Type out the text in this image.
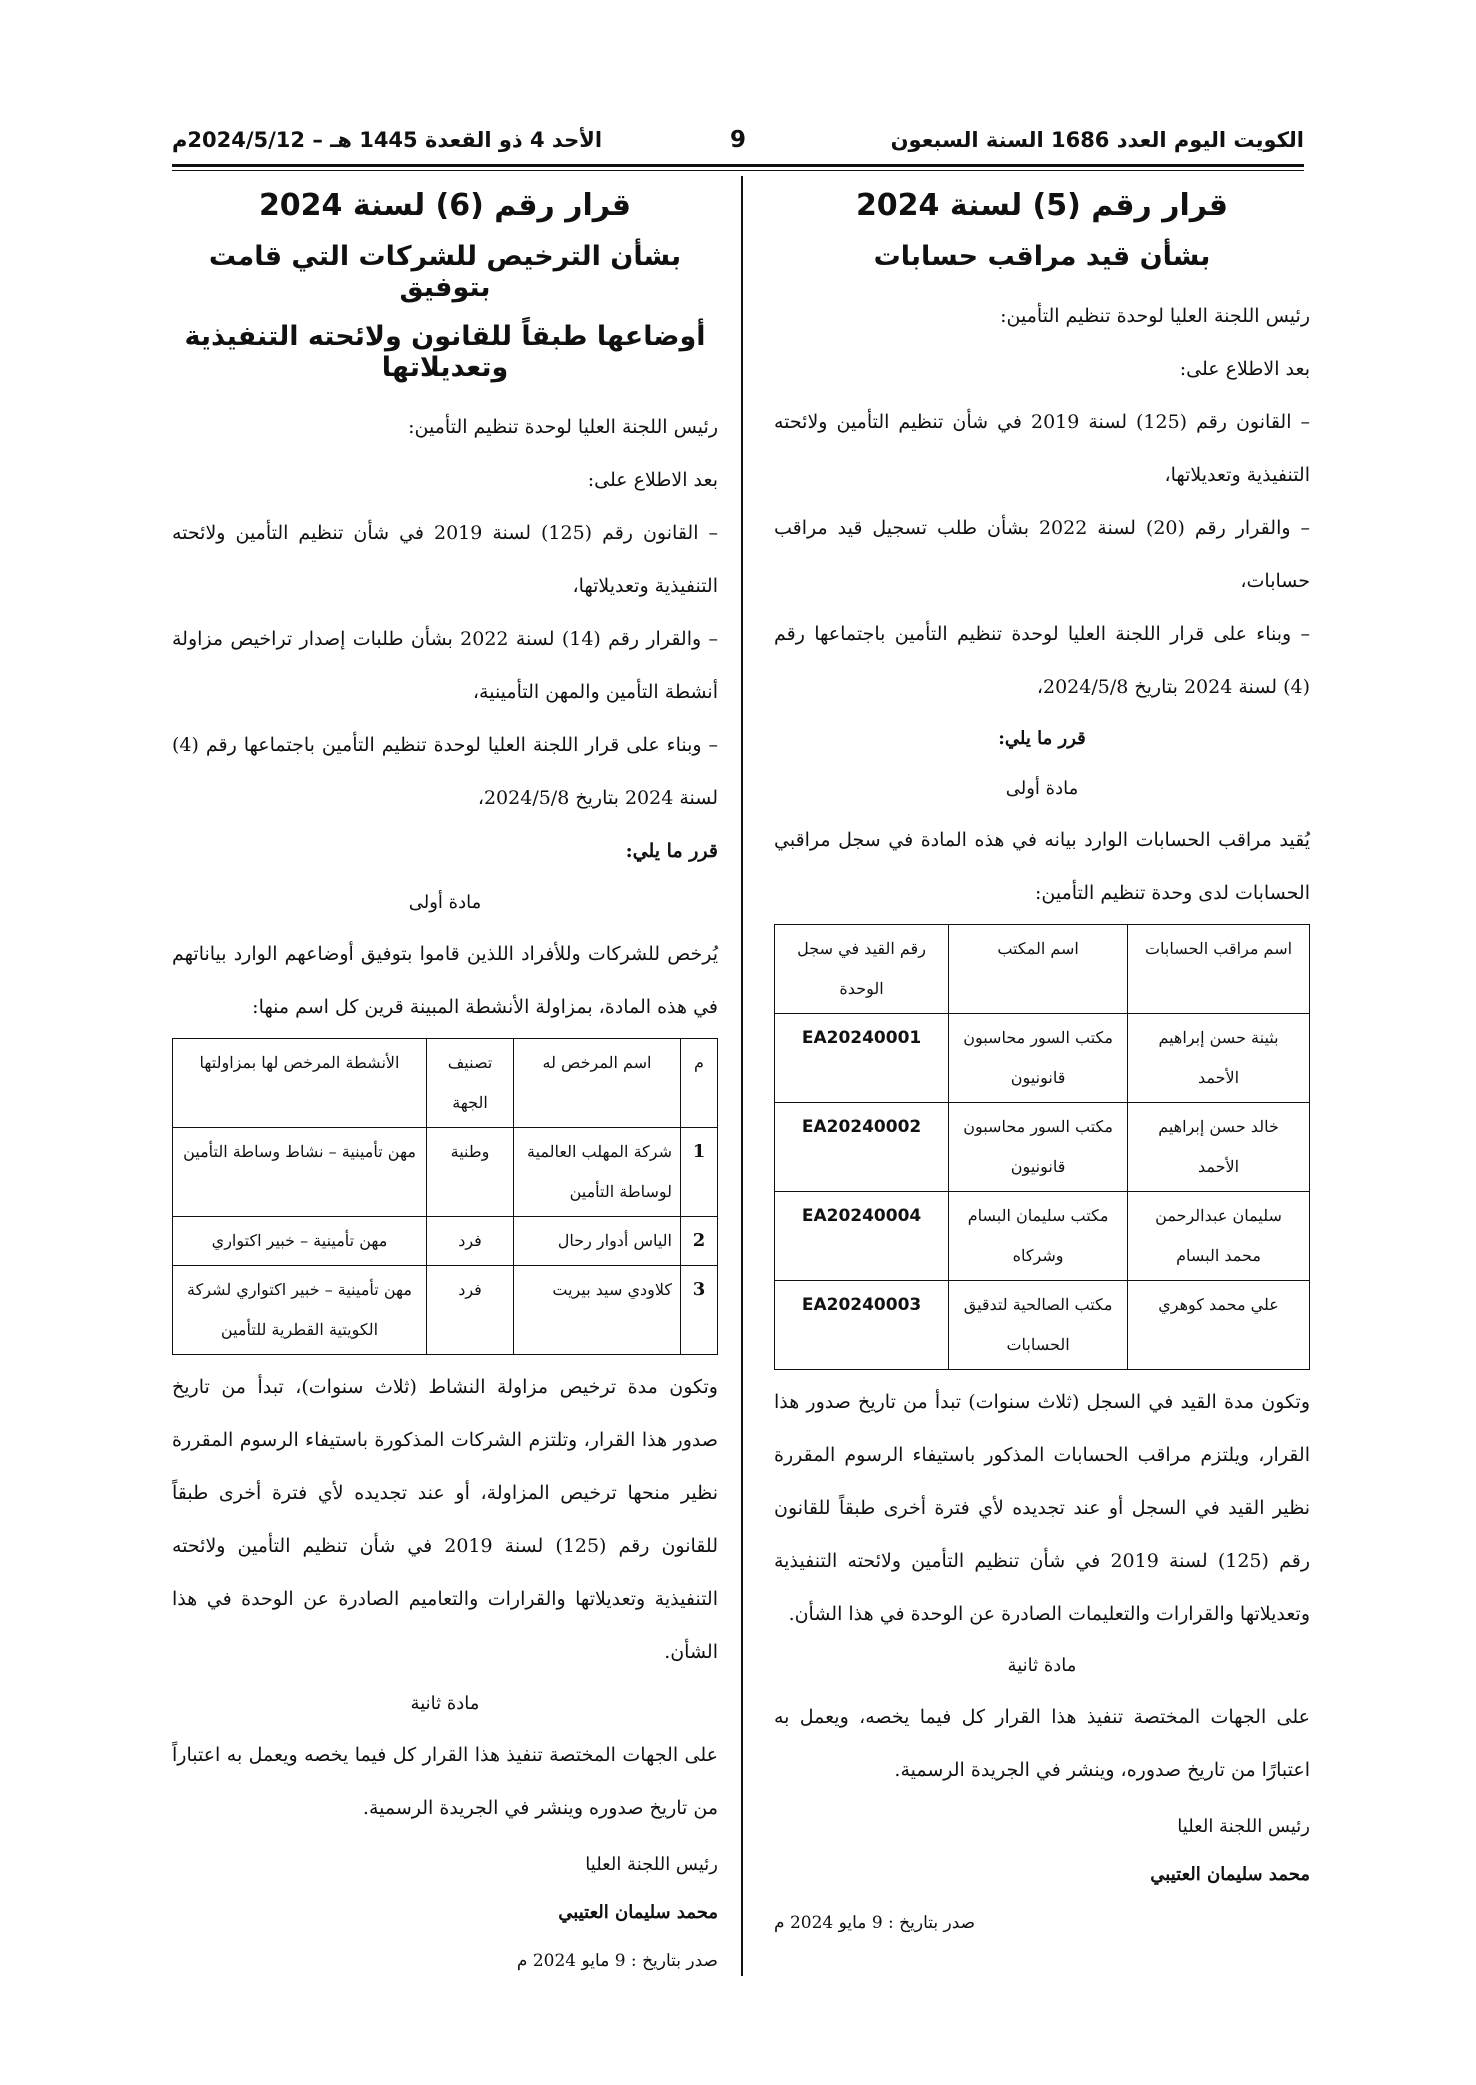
الكويت اليوم العدد 1686 السنة السبعون
9
الأحد 4 ذو القعدة 1445 هـ – 2024/5/12م
قرار رقم (5) لسنة 2024
بشأن قيد مراقب حسابات

رئيس اللجنة العليا لوحدة تنظيم التأمين:

بعد الاطلاع على:

– القانون رقم (125) لسنة 2019 في شأن تنظيم التأمين ولائحته التنفيذية وتعديلاتها،

– والقرار رقم (20) لسنة 2022 بشأن طلب تسجيل قيد مراقب حسابات،

– وبناء على قرار اللجنة العليا لوحدة تنظيم التأمين باجتماعها رقم (4) لسنة 2024 بتاريخ 2024/5/8،

قرر ما يلي:

مادة أولى

يُقيد مراقب الحسابات الوارد بيانه في هذه المادة في سجل مراقبي الحسابات لدى وحدة تنظيم التأمين:

اسم مراقب الحسابات	اسم المكتب	رقم القيد في سجل الوحدة
بثينة حسن إبراهيم الأحمد	مكتب السور محاسبون قانونيون	EA20240001
خالد حسن إبراهيم الأحمد	مكتب السور محاسبون قانونيون	EA20240002
سليمان عبدالرحمن محمد البسام	مكتب سليمان البسام وشركاه	EA20240004
علي محمد كوهري	مكتب الصالحية لتدقيق الحسابات	EA20240003

وتكون مدة القيد في السجل (ثلاث سنوات) تبدأ من تاريخ صدور هذا القرار، ويلتزم مراقب الحسابات المذكور باستيفاء الرسوم المقررة نظير القيد في السجل أو عند تجديده لأي فترة أخرى طبقاً للقانون رقم (125) لسنة 2019 في شأن تنظيم التأمين ولائحته التنفيذية وتعديلاتها والقرارات والتعليمات الصادرة عن الوحدة في هذا الشأن.

مادة ثانية

على الجهات المختصة تنفيذ هذا القرار كل فيما يخصه، ويعمل به اعتبارًا من تاريخ صدوره، وينشر في الجريدة الرسمية.

رئيس اللجنة العليا
محمد سليمان العتيبي
صدر بتاريخ : 9 مايو 2024 م
قرار رقم (6) لسنة 2024
بشأن الترخيص للشركات التي قامت بتوفيق
أوضاعها طبقاً للقانون ولائحته التنفيذية وتعديلاتها

رئيس اللجنة العليا لوحدة تنظيم التأمين:

بعد الاطلاع على:

– القانون رقم (125) لسنة 2019 في شأن تنظيم التأمين ولائحته التنفيذية وتعديلاتها،

– والقرار رقم (14) لسنة 2022 بشأن طلبات إصدار تراخيص مزاولة أنشطة التأمين والمهن التأمينية،

– وبناء على قرار اللجنة العليا لوحدة تنظيم التأمين باجتماعها رقم (4) لسنة 2024 بتاريخ 2024/5/8،

قرر ما يلي:

مادة أولى

يُرخص للشركات وللأفراد اللذين قاموا بتوفيق أوضاعهم الوارد بياناتهم في هذه المادة، بمزاولة الأنشطة المبينة قرين كل اسم منها:

م	اسم المرخص له	تصنيف الجهة	الأنشطة المرخص لها بمزاولتها
1	شركة المهلب العالمية لوساطة التأمين	وطنية	مهن تأمينية – نشاط وساطة التأمين
2	الياس أدوار رحال	فرد	مهن تأمينية – خبير اكتواري
3	كلاودي سيد بيريت	فرد	مهن تأمينية – خبير اكتواري لشركة الكويتية القطرية للتأمين

وتكون مدة ترخيص مزاولة النشاط (ثلاث سنوات)، تبدأ من تاريخ صدور هذا القرار، وتلتزم الشركات المذكورة باستيفاء الرسوم المقررة نظير منحها ترخيص المزاولة، أو عند تجديده لأي فترة أخرى طبقاً للقانون رقم (125) لسنة 2019 في شأن تنظيم التأمين ولائحته التنفيذية وتعديلاتها والقرارات والتعاميم الصادرة عن الوحدة في هذا الشأن.

مادة ثانية

على الجهات المختصة تنفيذ هذا القرار كل فيما يخصه ويعمل به اعتباراً من تاريخ صدوره وينشر في الجريدة الرسمية.

رئيس اللجنة العليا
محمد سليمان العتيبي
صدر بتاريخ : 9 مايو 2024 م
